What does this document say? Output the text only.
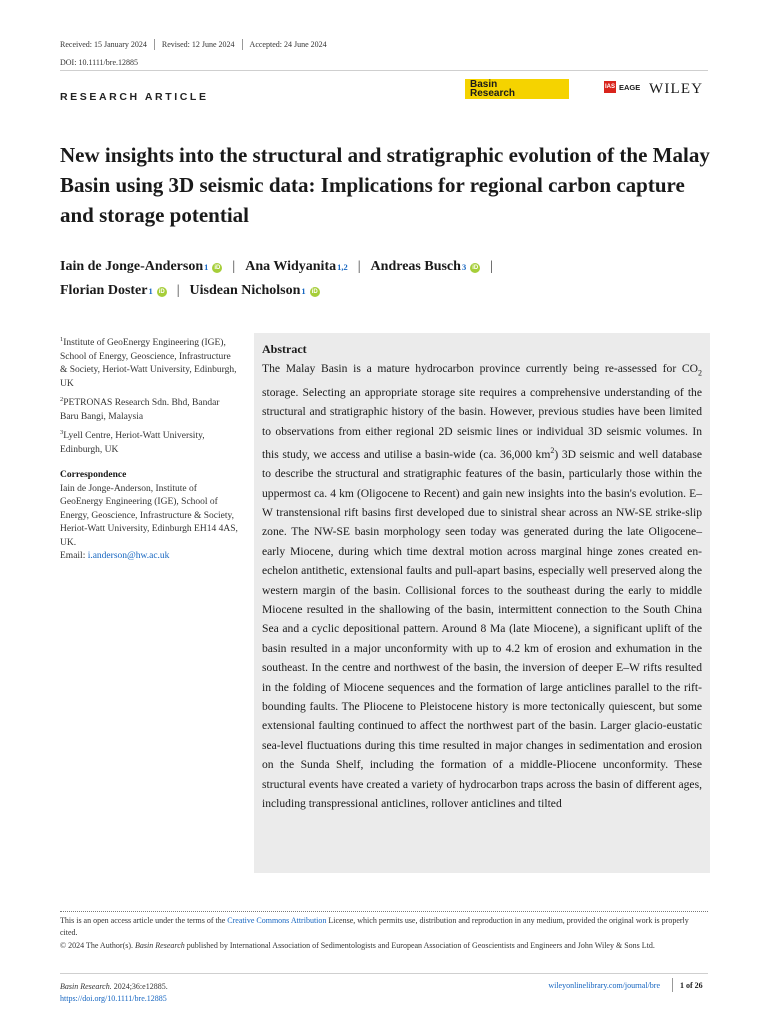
Received: 15 January 2024 Revised: 12 June 2024 Accepted: 24 June 2024
DOI: 10.1111/bre.12885
RESEARCH ARTICLE
Basin
Research
IAS EAGE WILEY
New insights into the structural and stratigraphic evolution of the Malay Basin using 3D seismic data: Implications for regional carbon capture and storage potential
Iain de Jonge-Anderson 1	iD | Ana Widyanita 1,2 | Andreas Busch 3	iD |
Florian Doster 1	iD | Uisdean Nicholson 1	iD
$^1$Institute of GeoEnergy Engineering (IGE), School of Energy, Geoscience, Infrastructure & Society, Heriot-Watt University, Edinburgh, UK
$^2$PETRONAS Research Sdn. Bhd, Bandar Baru Bangi, Malaysia
$^3$Lyell Centre, Heriot-Watt University, Edinburgh, UK
Correspondence
Iain de Jonge-Anderson, Institute of GeoEnergy Engineering (IGE), School of Energy, Geoscience, Infrastructure & Society, Heriot-Watt University, Edinburgh EH14 4AS, UK.
Email: i.anderson@hw.ac.uk
Abstract
The Malay Basin is a mature hydrocarbon province currently being re-assessed for $CO_2$ storage. Selecting an appropriate storage site requires a comprehensive understanding of the structural and stratigraphic history of the basin. However, previous studies have been limited to observations from either regional 2D seismic lines or individual 3D seismic volumes. In this study, we access and utilise a basin-wide (ca. 36,000 $km^2$) 3D seismic and well database to describe the structural and stratigraphic features of the basin, particularly those within the uppermost ca. 4 km (Oligocene to Recent) and gain new insights into the basin's evolution. E–W transtensional rift basins first developed due to sinistral shear across an NW-SE strike-slip zone. The NW-SE basin morphology seen today was generated during the late Oligocene–early Miocene, during which time dextral motion across marginal hinge zones created en-echelon antithetic, extensional faults and pull-apart basins, especially well preserved along the western margin of the basin. Collisional forces to the southeast during the early to middle Miocene resulted in the shallowing of the basin, intermittent connection to the South China Sea and a cyclic depositional pattern. Around 8 Ma (late Miocene), a significant uplift of the basin resulted in a major unconformity with up to 4.2 km of erosion and exhumation in the southeast. In the centre and northwest of the basin, the inversion of deeper E–W rifts resulted in the folding of Miocene sequences and the formation of large anticlines parallel to the rift-bounding faults. The Pliocene to Pleistocene history is more tectonically quiescent, but some extensional faulting continued to affect the northwest part of the basin. Larger glacio-eustatic sea-level fluctuations during this time resulted in major changes in sedimentation and erosion on the Sunda Shelf, including the formation of a middle-Pliocene unconformity. These structural events have created a variety of hydrocarbon traps across the basin of different ages, including transpressional anticlines, rollover anticlines and tilted
This is an open access article under the terms of the Creative Commons Attribution License, which permits use, distribution and reproduction in any medium, provided the original work is properly cited.
© 2024 The Author(s). Basin Research published by International Association of Sedimentologists and European Association of Geoscientists and Engineers and John Wiley & Sons Ltd.
Basin Research. 2024;36:e12885.
https://doi.org/10.1111/bre.12885
wileyonlinelibrary.com/journal/bre	1 of 26
